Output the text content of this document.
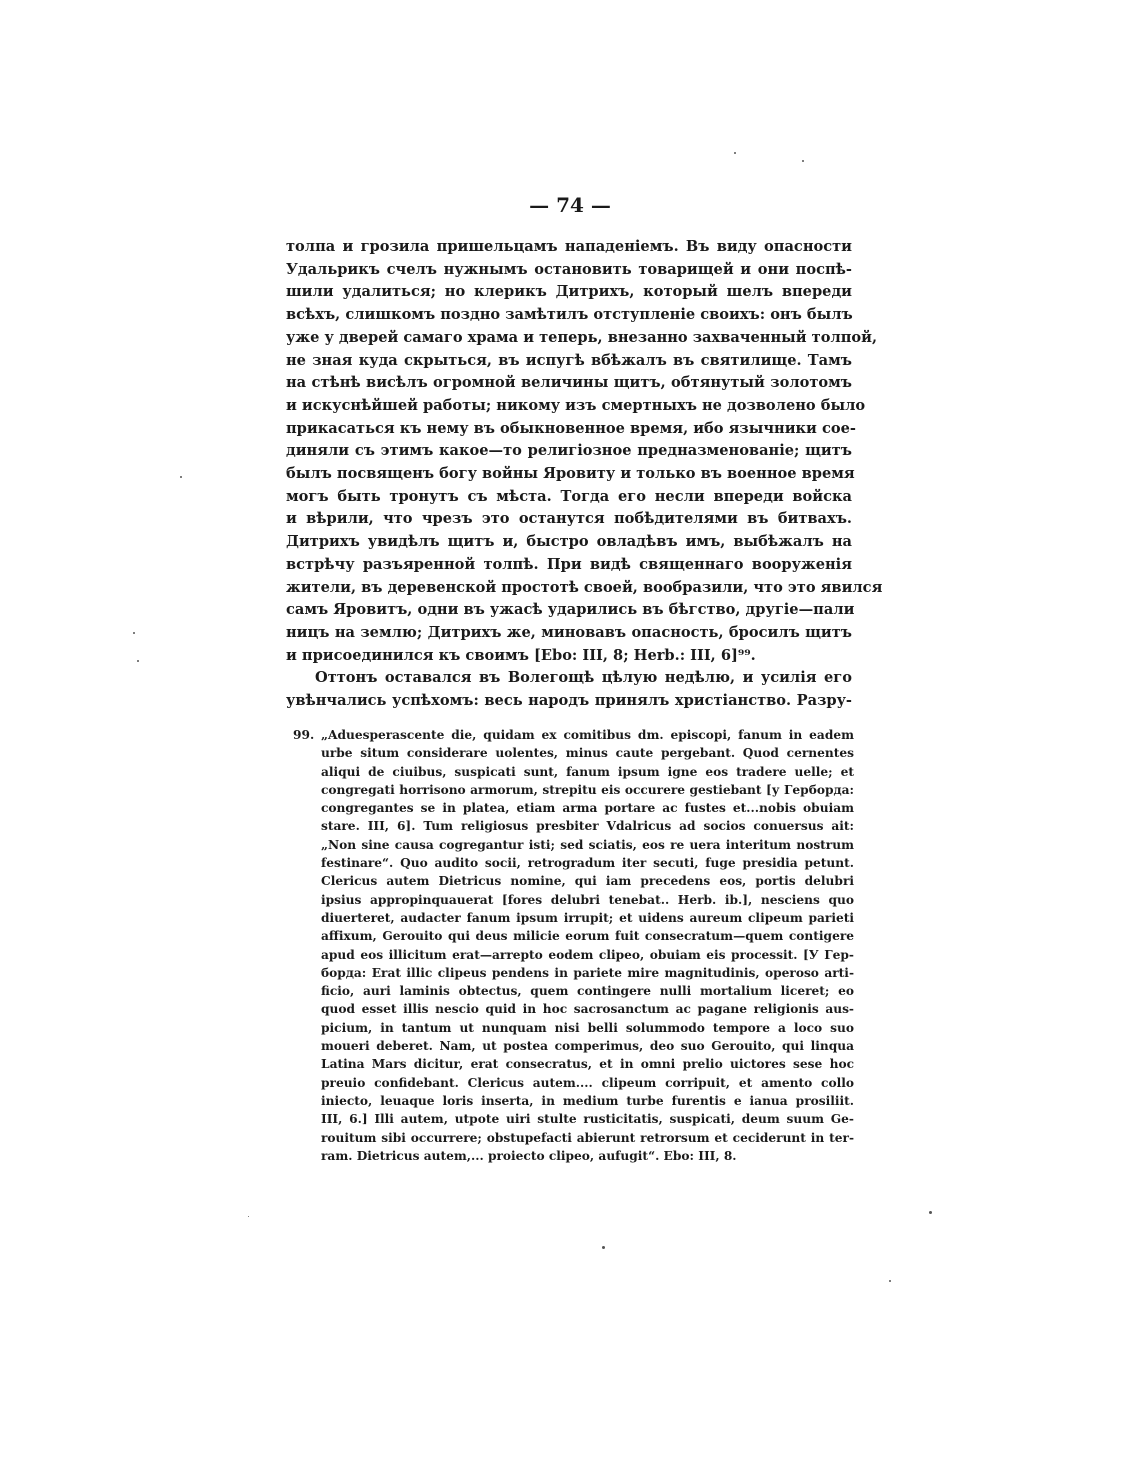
— 74 —
толпа и грозила пришельцамъ нападеніемъ. Въ виду опасности
Удальрикъ счелъ нужнымъ остановить товарищей и они поспѣ-
шили удалиться; но клерикъ Дитрихъ, который шелъ впереди
всѣхъ, слишкомъ поздно замѣтилъ отступленіе своихъ: онъ былъ
уже у дверей самаго храма и теперь, внезанно захваченный толпой,
не зная куда скрыться, въ испугѣ вбѣжалъ въ святилище. Тамъ
на стѣнѣ висѣлъ огромной величины щитъ, обтянутый золотомъ
и искуснѣйшей работы; никому изъ смертныхъ не дозволено было
прикасаться къ нему въ обыкновенное время, ибо язычники сое-
диняли съ этимъ какое—то религіозное предназменованіе; щитъ
былъ посвященъ богу войны Яровиту и только въ военное время
могъ быть тронутъ съ мѣста. Тогда его несли впереди войска
и вѣрили, что чрезъ это останутся побѣдителями въ битвахъ.
Дитрихъ увидѣлъ щитъ и, быстро овладѣвъ имъ, выбѣжалъ на
встрѣчу разъяренной толпѣ. При видѣ священнаго вооруженія
жители, въ деревенской простотѣ своей, вообразили, что это явился
самъ Яровитъ, одни въ ужасѣ ударились въ бѣгство, другіе—пали
ницъ на землю; Дитрихъ же, миновавъ опасность, бросилъ щитъ
и присоединился къ своимъ [Ebo: III, 8; Herb.: III, 6]⁹⁹.
Оттонъ оставался въ Волегощѣ цѣлую недѣлю, и усилія его
увѣнчались успѣхомъ: весь народъ принялъ христіанство. Разру-
99. „Aduesperascente die, quidam ex comitibus dm. episcopi, fanum in eadem
urbe situm considerare uolentes, minus caute pergebant. Quod cernentes
aliqui de ciuibus, suspicati sunt, fanum ipsum igne eos tradere uelle; et
congregati horrisono armorum, strepitu eis occurere gestiebant [у Герборда:
congregantes se in platea, etiam arma portare ac fustes et...nobis obuiam
stare. III, 6]. Tum religiosus presbiter Vdalricus ad socios conuersus ait:
„Non sine causa cogregantur isti; sed sciatis, eos re uera interitum nostrum
festinare“. Quo audito socii, retrogradum iter secuti, fuge presidia petunt.
Clericus autem Dietricus nomine, qui iam precedens eos, portis delubri
ipsius appropinquauerat [fores delubri tenebat.. Herb. ib.], nesciens quo
diuerteret, audacter fanum ipsum irrupit; et uidens aureum clipeum parieti
affixum, Gerouito qui deus milicie eorum fuit consecratum—quem contigere
apud eos illicitum erat—arrepto eodem clipeo, obuiam eis processit. [У Гер-
борда: Erat illic clipeus pendens in pariete mire magnitudinis, operoso arti-
ficio, auri laminis obtectus, quem contingere nulli mortalium liceret; eo
quod esset illis nescio quid in hoc sacrosanctum ac pagane religionis aus-
picium, in tantum ut nunquam nisi belli solummodo tempore a loco suo
moueri deberet. Nam, ut postea comperimus, deo suo Gerouito, qui linqua
Latina Mars dicitur, erat consecratus, et in omni prelio uictores sese hoc
preuio confidebant. Clericus autem.... clipeum corripuit, et amento collo
iniecto, leuaque loris inserta, in medium turbe furentis e ianua prosiliit.
III, 6.] Illi autem, utpote uiri stulte rusticitatis, suspicati, deum suum Ge-
rouitum sibi occurrere; obstupefacti abierunt retrorsum et ceciderunt in ter-
ram. Dietricus autem,... proiecto clipeo, aufugit“. Ebo: III, 8.
